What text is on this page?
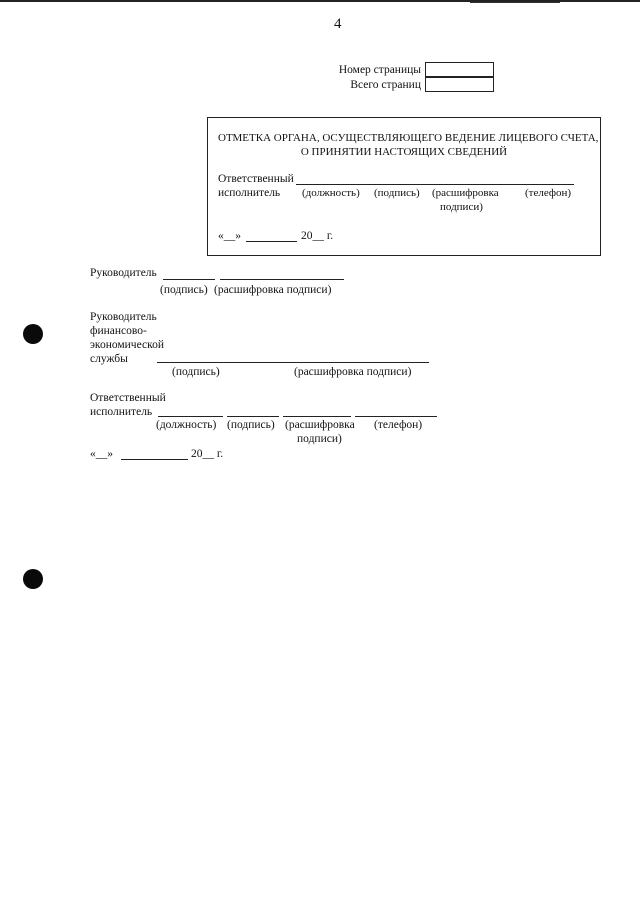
4
Номер страницы
Всего страниц
ОТМЕТКА ОРГАНА, ОСУЩЕСТВЛЯЮЩЕГО ВЕДЕНИЕ ЛИЦЕВОГО СЧЕТА,
О ПРИНЯТИИ НАСТОЯЩИХ СВЕДЕНИЙ
Ответственный
исполнитель (должность) (подпись) (расшифровка
подписи)
(телефон)
«__»	20__ г.
Руководитель
(подпись) (расшифровка подписи)
Руководитель
финансово-
экономической
службы
(подпись)	(расшифровка подписи)
Ответственный
исполнитель
(должность) (подпись) (расшифровка
подписи)
(телефон)
«__»	20__ г.
